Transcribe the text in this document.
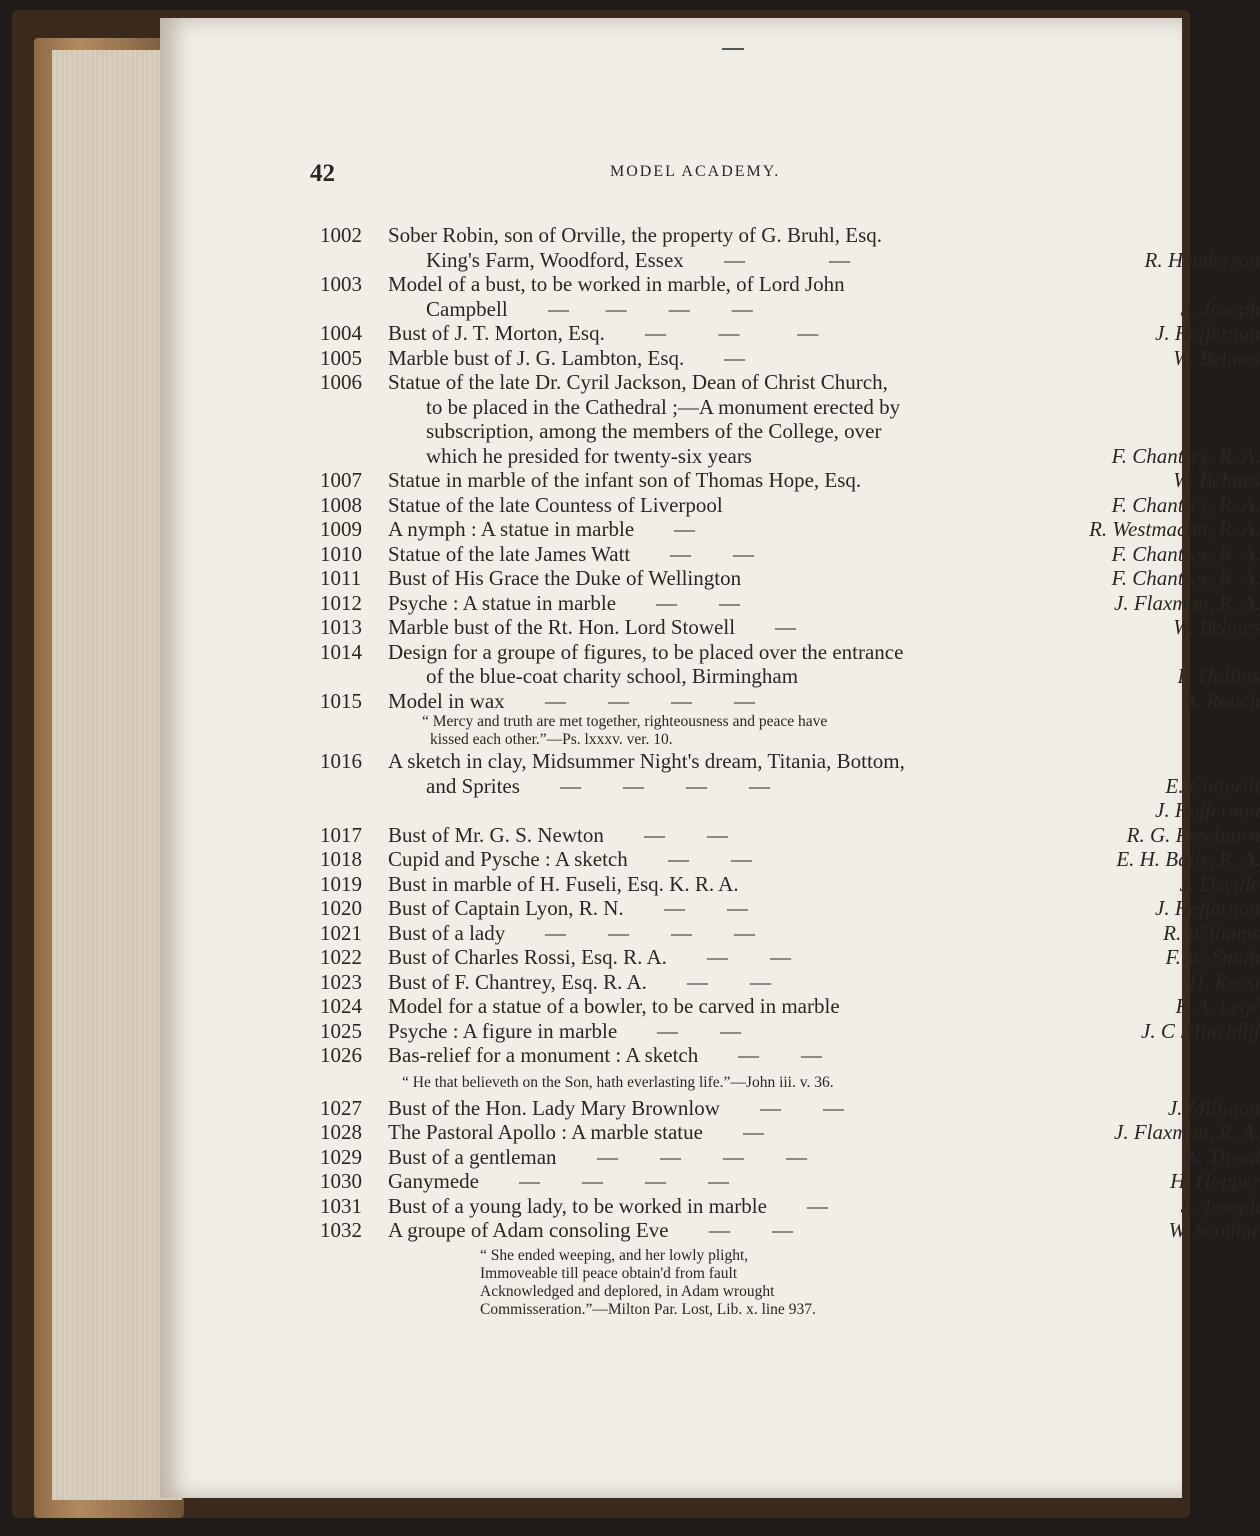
42	MODEL ACADEMY.
1002 Sober Robin, son of Orville, the property of G. Bruhl, Esq.
King's Farm, Woodford, Essex —                —	R. Henderson
1003 Model of a bust, to be worked in marble, of Lord John
Campbell —       —        —        —	S. Joseph
1004 Bust of J. T. Morton, Esq. —          —           —	J. Heffernan
1005 Marble bust of J. G. Lambton, Esq. —	W. Behnes
1006 Statue of the late Dr. Cyril Jackson, Dean of Christ Church,
to be placed in the Cathedral ;—A monument erected by
subscription, among the members of the College, over
which he presided for twenty-six years	F. Chantrey, R. A.
1007 Statue in marble of the infant son of Thomas Hope, Esq.	W. Behnes
1008 Statue of the late Countess of Liverpool	F. Chantrey, R. A.
1009 A nymph : A statue in marble —	R. Westmacott, R. A.
1010 Statue of the late James Watt —        —	F. Chantrey, R. A.
1011 Bust of His Grace the Duke of Wellington	F. Chantrey, R. A.
1012 Psyche : A statue in marble —        —	J. Flaxman, R. A.
1013 Marble bust of the Rt. Hon. Lord Stowell —	W. Behnes
1014 Design for a groupe of figures, to be placed over the entrance
of the blue-coat charity school, Birmingham	P. Hollins
1015 Model in wax —        —        —        —	A. Rouch
“ Mercy and truth are met together, righteousness and peace have
kissed each other.”—Ps. lxxxv. ver. 10.
1016 A sketch in clay, Midsummer Night's dream, Titania, Bottom,
and Sprites —        —        —        —	E. Cotterill
J. Heffernan
1017 Bust of Mr. G. S. Newton —        —	R. G. Freebairn
1018 Cupid and Pysche : A sketch —        —	E. H. Baily, R. A.
1019 Bust in marble of H. Fuseli, Esq. K. R. A.	J. Deville
1020 Bust of Captain Lyon, R. N. —        —	J. Heffernan
1021 Bust of a lady —        —        —        —	R. Williams
1022 Bust of Charles Rossi, Esq. R. A. —        —	F. W. Smith
1023 Bust of F. Chantrey, Esq. R. A. —        —	H. Rossi
1024 Model for a statue of a bowler, to be carved in marble	F. A. Legé
1025 Psyche : A figure in marble —        —	J. C .Hinchliff
1026 Bas-relief for a monument : A sketch —        —
“ He that believeth on the Son, hath everlasting life.”—John iii. v. 36.
1027 Bust of the Hon. Lady Mary Brownlow —        —	J. Milligan
1028 The Pastoral Apollo : A marble statue —	J. Flaxman, R. A.
1029 Bust of a gentleman —        —        —        —	W. Theed
1030 Ganymede —        —        —        —	H. Hopper
1031 Bust of a young lady, to be worked in marble —	S. Joseph
1032 A groupe of Adam consoling Eve —        —	W. Scoular
“ She ended weeping, and her lowly plight,
Immoveable till peace obtain'd from fault
Acknowledged and deplored, in Adam wrought
Commisseration.”—Milton Par. Lost, Lib. x. line 937.
